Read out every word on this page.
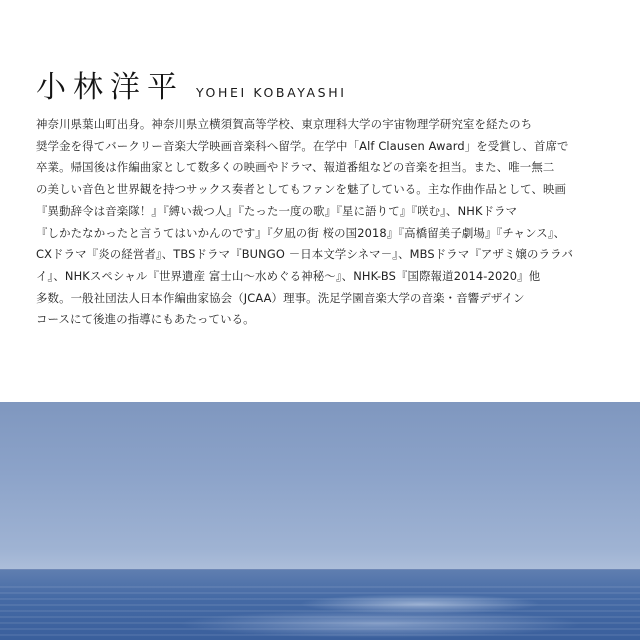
小林洋平 YOHEI KOBAYASHI

神奈川県葉山町出身。神奈川県立横須賀高等学校、東京理科大学の宇宙物理学研究室を経たのち
奨学金を得てバークリー音楽大学映画音楽科へ留学。在学中「Alf Clausen Award」を受賞し、首席で
卒業。帰国後は作編曲家として数多くの映画やドラマ、報道番組などの音楽を担当。また、唯一無二
の美しい音色と世界観を持つサックス奏者としてもファンを魅了している。主な作曲作品として、映画
『異動辞令は音楽隊！』『縛い裁つ人』『たった一度の歌』『星に語りて』『咲む』、NHKドラマ
『しかたなかったと言うてはいかんのです』『夕凪の街 桜の国2018』『高橋留美子劇場』『チャンス』、
CXドラマ『炎の経営者』、TBSドラマ『BUNGO －日本文学シネマ－』、MBSドラマ『アザミ嬢のララバ
イ』、NHKスペシャル『世界遺産 富士山～水めぐる神秘～』、NHK-BS『国際報道2014-2020』他
多数。一般社団法人日本作編曲家協会（JCAA）理事。洗足学園音楽大学の音楽・音響デザイン
コースにて後進の指導にもあたっている。
